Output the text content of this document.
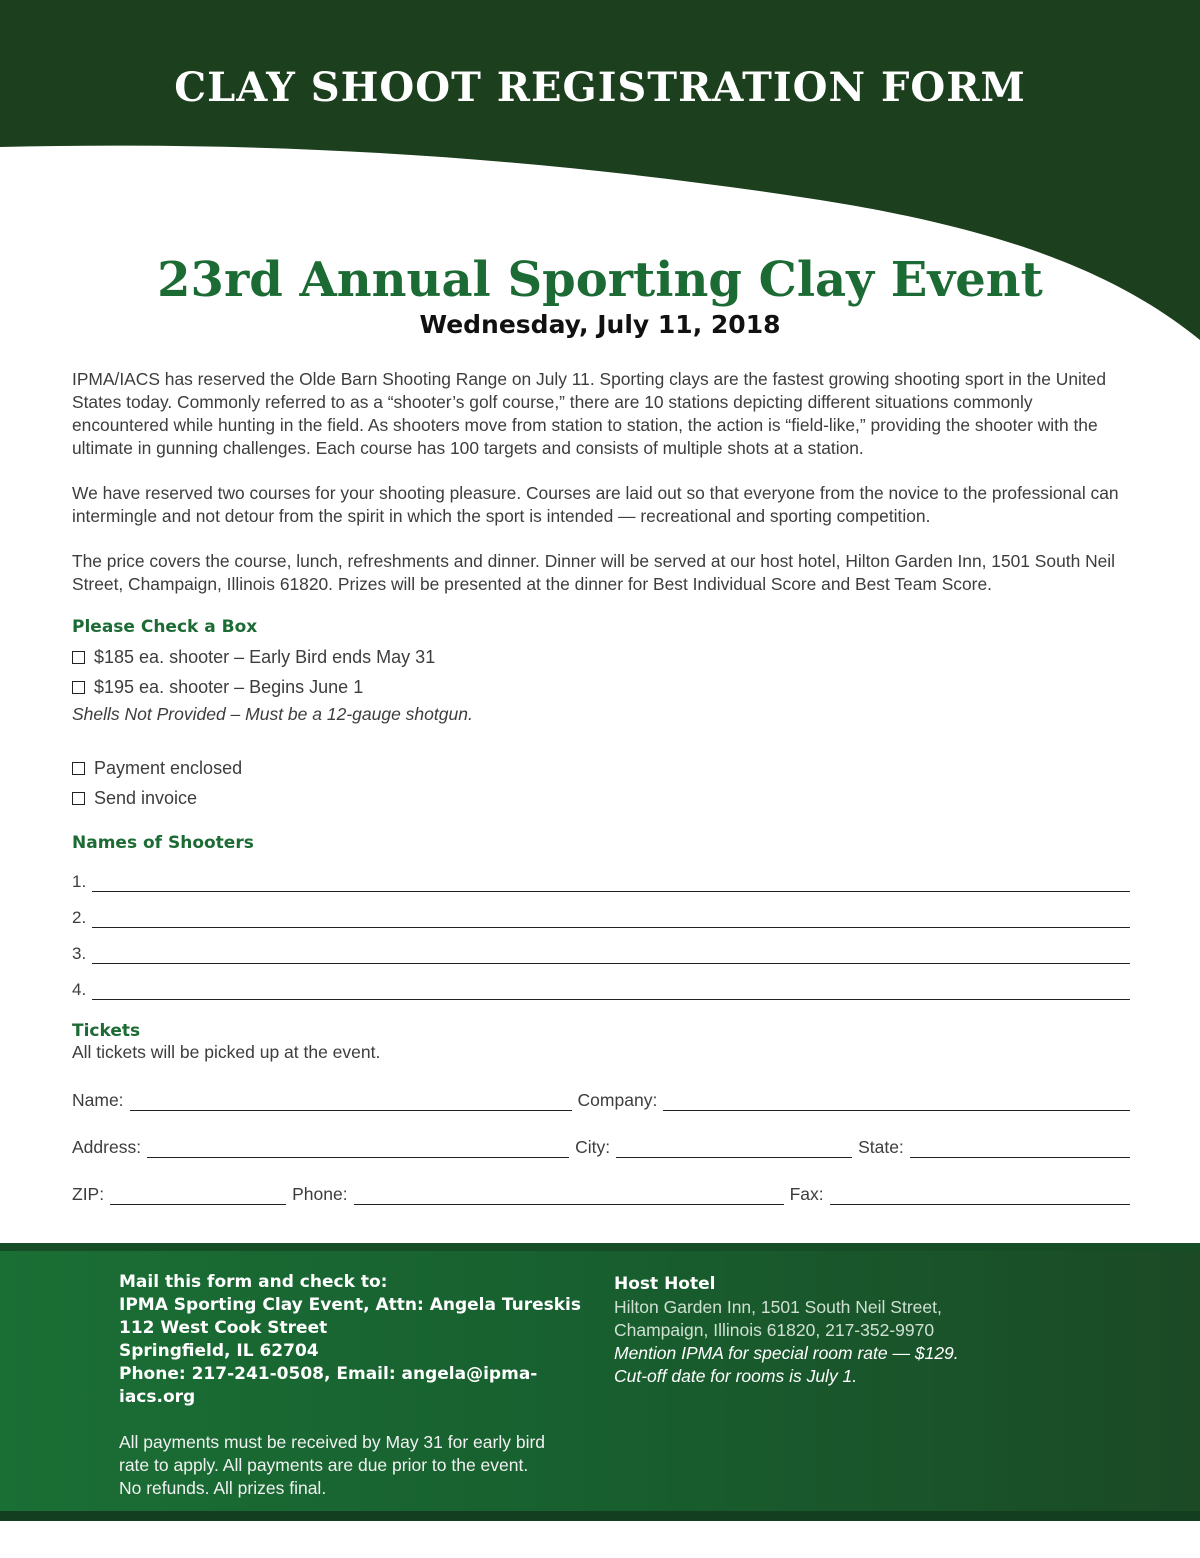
CLAY SHOOT REGISTRATION FORM
23rd Annual Sporting Clay Event
Wednesday, July 11, 2018

IPMA/IACS has reserved the Olde Barn Shooting Range on July 11. Sporting clays are the fastest growing shooting sport in the United States today. Commonly referred to as a “shooter’s golf course,” there are 10 stations depicting different situations commonly encountered while hunting in the field. As shooters move from station to station, the action is “field-like,” providing the shooter with the ultimate in gunning challenges. Each course has 100 targets and consists of multiple shots at a station.

We have reserved two courses for your shooting pleasure. Courses are laid out so that everyone from the novice to the professional can intermingle and not detour from the spirit in which the sport is intended — recreational and sporting competition.

The price covers the course, lunch, refreshments and dinner. Dinner will be served at our host hotel, Hilton Garden Inn, 1501 South Neil Street, Champaign, Illinois 61820. Prizes will be presented at the dinner for Best Individual Score and Best Team Score.

Please Check a Box

$185 ea. shooter – Early Bird ends May 31
$195 ea. shooter – Begins June 1

Shells Not Provided – Must be a 12-gauge shotgun.

Payment enclosed
Send invoice

Names of Shooters

1.
2.
3.
4.

Tickets

All tickets will be picked up at the event.

Name:	Company:
Address:	City:	State:
ZIP:	Phone:	Fax:

Mail this form and check to:

IPMA Sporting Clay Event, Attn: Angela Tureskis

112 West Cook Street

Springfield, IL 62704

Phone: 217-241-0508, Email: angela@ipma-iacs.org

All payments must be received by May 31 for early bird

rate to apply. All payments are due prior to the event.

No refunds. All prizes final.

Host Hotel

Hilton Garden Inn, 1501 South Neil Street,

Champaign, Illinois 61820, 217-352-9970

Mention IPMA for special room rate — $129.

Cut-off date for rooms is July 1.
